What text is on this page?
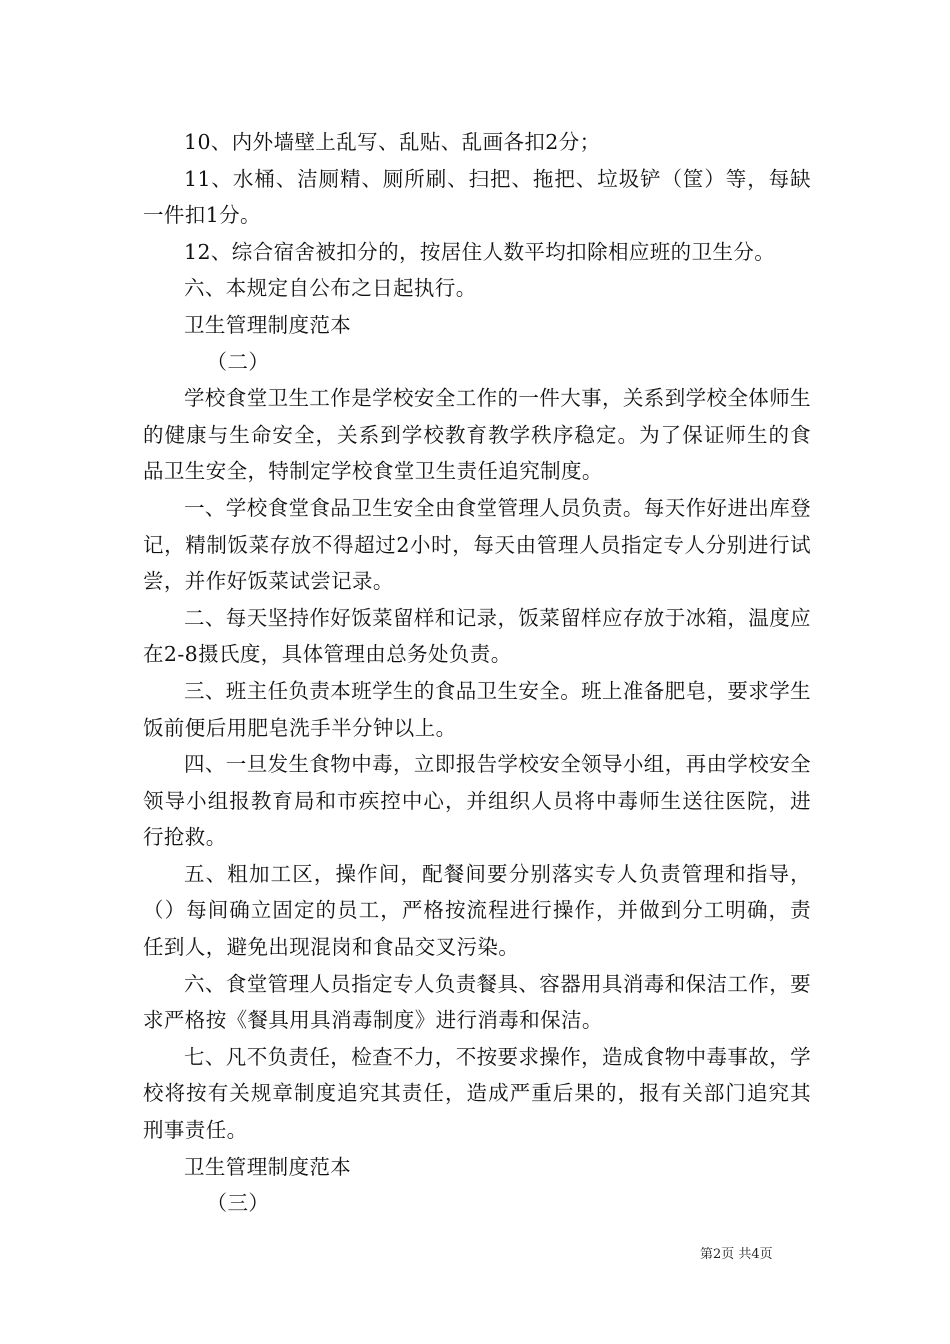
10、内外墙壁上乱写、乱贴、乱画各扣2分；

11、水桶、洁厕精、厕所刷、扫把、拖把、垃圾铲（筐）等，每缺一件扣1分。

12、综合宿舍被扣分的，按居住人数平均扣除相应班的卫生分。

六、本规定自公布之日起执行。

卫生管理制度范本

（二）

学校食堂卫生工作是学校安全工作的一件大事，关系到学校全体师生的健康与生命安全，关系到学校教育教学秩序稳定。为了保证师生的食品卫生安全，特制定学校食堂卫生责任追究制度。

一、学校食堂食品卫生安全由食堂管理人员负责。每天作好进出库登记，精制饭菜存放不得超过2小时，每天由管理人员指定专人分别进行试尝，并作好饭菜试尝记录。

二、每天坚持作好饭菜留样和记录，饭菜留样应存放于冰箱，温度应在2-8摄氏度，具体管理由总务处负责。

三、班主任负责本班学生的食品卫生安全。班上准备肥皂，要求学生饭前便后用肥皂洗手半分钟以上。

四、一旦发生食物中毒，立即报告学校安全领导小组，再由学校安全领导小组报教育局和市疾控中心，并组织人员将中毒师生送往医院，进行抢救。

五、粗加工区，操作间，配餐间要分别落实专人负责管理和指导，（）每间确立固定的员工，严格按流程进行操作，并做到分工明确，责任到人，避免出现混岗和食品交叉污染。

六、食堂管理人员指定专人负责餐具、容器用具消毒和保洁工作，要求严格按《餐具用具消毒制度》进行消毒和保洁。

七、凡不负责任，检查不力，不按要求操作，造成食物中毒事故，学校将按有关规章制度追究其责任，造成严重后果的，报有关部门追究其刑事责任。

卫生管理制度范本

（三）

第2页 共4页
